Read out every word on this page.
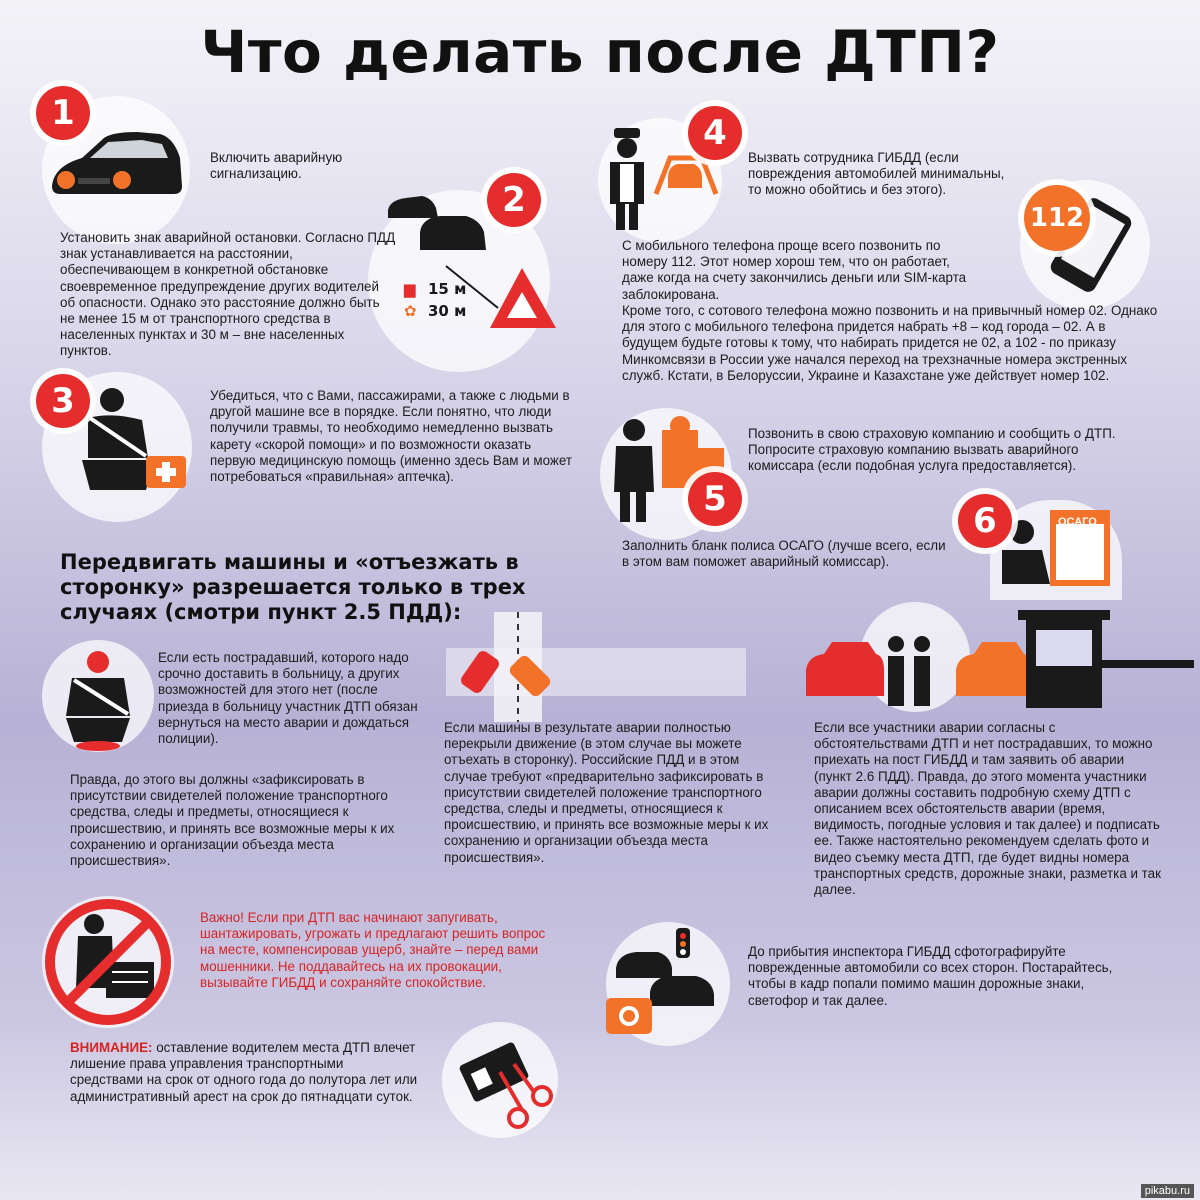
Что делать после ДТП?
1
Включить аварийную сигнализацию.
2
▆ 15 м
✿ 30 м
Установить знак аварийной остановки. Согласно ПДД знак устанавливается на расстоянии, обеспечивающем в конкретной обстановке своевременное предупреждение других водителей об опасности. Однако это расстояние должно быть не менее 15 м от транспортного средства в населенных пунктах и 30 м – вне населенных пунктов.
3	Убедиться, что с Вами, пассажирами, а также с людьми в другой машине все в порядке. Если понятно, что люди получили травмы, то необходимо немедленно вызвать карету «скорой помощи» и по возможности оказать первую медицинскую помощь (именно здесь Вам и может потребоваться «правильная» аптечка).
4
Вызвать сотрудника ГИБДД (если повреждения автомобилей минимальны, то можно обойтись и без этого).
112
С мобильного телефона проще всего позвонить по номеру 112. Этот номер хорош тем, что он работает, даже когда на счету закончились деньги или SIM-карта заблокирована.
Кроме того, с сотового телефона можно позвонить и на привычный номер 02. Однако для этого с мобильного телефона придется набрать +8 – код города – 02. А в будущем будьте готовы к тому, что набирать придется не 02, а 102 - по приказу Минкомсвязи в России уже начался переход на трехзначные номера экстренных служб. Кстати, в Белоруссии, Украине и Казахстане уже действует номер 102.
5
Позвонить в свою страховую компанию и сообщить о ДТП. Попросите страховую компанию вызвать аварийного комиссара (если подобная услуга предоставляется).
ОСАГО
6
Заполнить бланк полиса ОСАГО (лучше всего, если в этом вам поможет аварийный комиссар).
Передвигать машины и «отъезжать в сторонку» разрешается только в трех случаях (смотри пункт 2.5 ПДД):
Если есть пострадавший, которого надо срочно доставить в больницу, а других возможностей для этого нет (после приезда в больницу участник ДТП обязан вернуться на место аварии и дождаться полиции).
Правда, до этого вы должны «зафиксировать в присутствии свидетелей положение транспортного средства, следы и предметы, относящиеся к происшествию, и принять все возможные меры к их сохранению и организации объезда места происшествия».
Если машины в результате аварии полностью перекрыли движение (в этом случае вы можете отъехать в сторонку). Российские ПДД и в этом случае требуют «предварительно зафиксировать в присутствии свидетелей положение транспортного средства, следы и предметы, относящиеся к происшествию, и принять все возможные меры к их сохранению и организации объезда места происшествия».
Если все участники аварии согласны с обстоятельствами ДТП и нет пострадавших, то можно приехать на пост ГИБДД и там заявить об аварии (пункт 2.6 ПДД). Правда, до этого момента участники аварии должны составить подробную схему ДТП с описанием всех обстоятельств аварии (время, видимость, погодные условия и так далее) и подписать ее. Также настоятельно рекомендуем сделать фото и видео съемку места ДТП, где будет видны номера транспортных средств, дорожные знаки, разметка и так далее.
Важно! Если при ДТП вас начинают запугивать, шантажировать, угрожать и предлагают решить вопрос на месте, компенсировав ущерб, знайте – перед вами мошенники. Не поддавайтесь на их провокации, вызывайте ГИБДД и сохраняйте спокойствие.
ВНИМАНИЕ: оставление водителем места ДТП влечет лишение права управления транспортными средствами на срок от одного года до полутора лет или административный арест на срок до пятнадцати суток.
До прибытия инспектора ГИБДД сфотографируйте поврежденные автомобили со всех сторон. Постарайтесь, чтобы в кадр попали помимо машин дорожные знаки, светофор и так далее.
pikabu.ru
